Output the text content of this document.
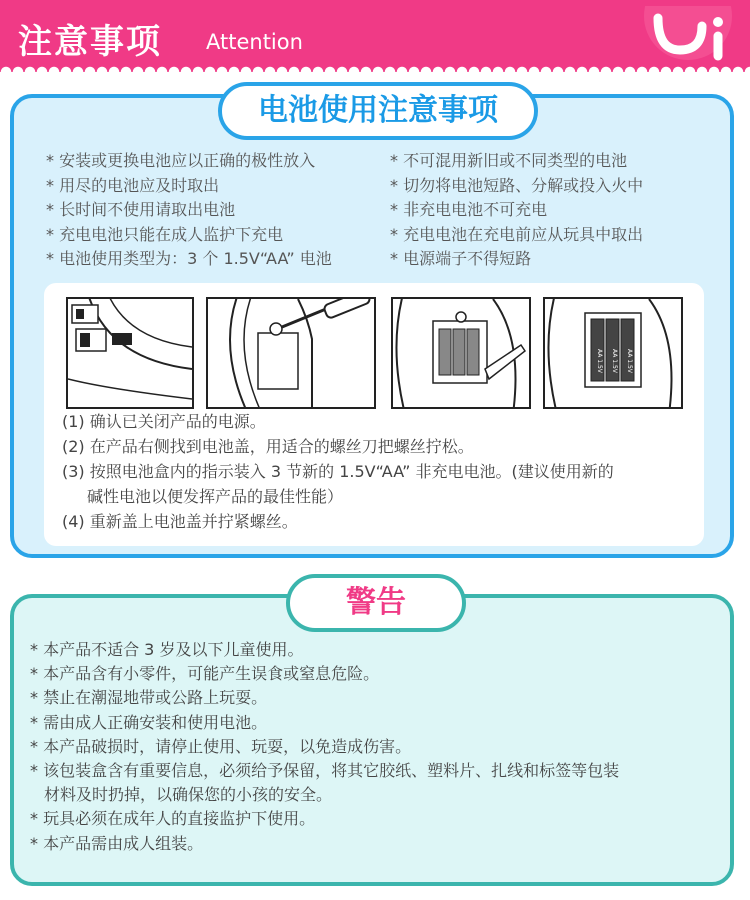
注意事项 Attention
电池使用注意事项
* 安装或更换电池应以正确的极性放入
* 用尽的电池应及时取出
* 长时间不使用请取出电池
* 充电电池只能在成人监护下充电
* 电池使用类型为：3 个 1.5V“AA” 电池
* 不可混用新旧或不同类型的电池
* 切勿将电池短路、分解或投入火中
* 非充电电池不可充电
* 充电电池在充电前应从玩具中取出
* 电源端子不得短路
AA 1.5V AA 1.5V AA 1.5V
(1) 确认已关闭产品的电源。
(2) 在产品右侧找到电池盖，用适合的螺丝刀把螺丝拧松。
(3) 按照电池盒内的指示装入 3 节新的 1.5V“AA” 非充电电池。(建议使用新的
碱性电池以便发挥产品的最佳性能）
(4) 重新盖上电池盖并拧紧螺丝。
警告
* 本产品不适合 3 岁及以下儿童使用。
* 本产品含有小零件，可能产生误食或窒息危险。
* 禁止在潮湿地带或公路上玩耍。
* 需由成人正确安装和使用电池。
* 本产品破损时，请停止使用、玩耍，以免造成伤害。
* 该包装盒含有重要信息，必须给予保留，将其它胶纸、塑料片、扎线和标签等包装
材料及时扔掉，以确保您的小孩的安全。
* 玩具必须在成年人的直接监护下使用。
* 本产品需由成人组装。
